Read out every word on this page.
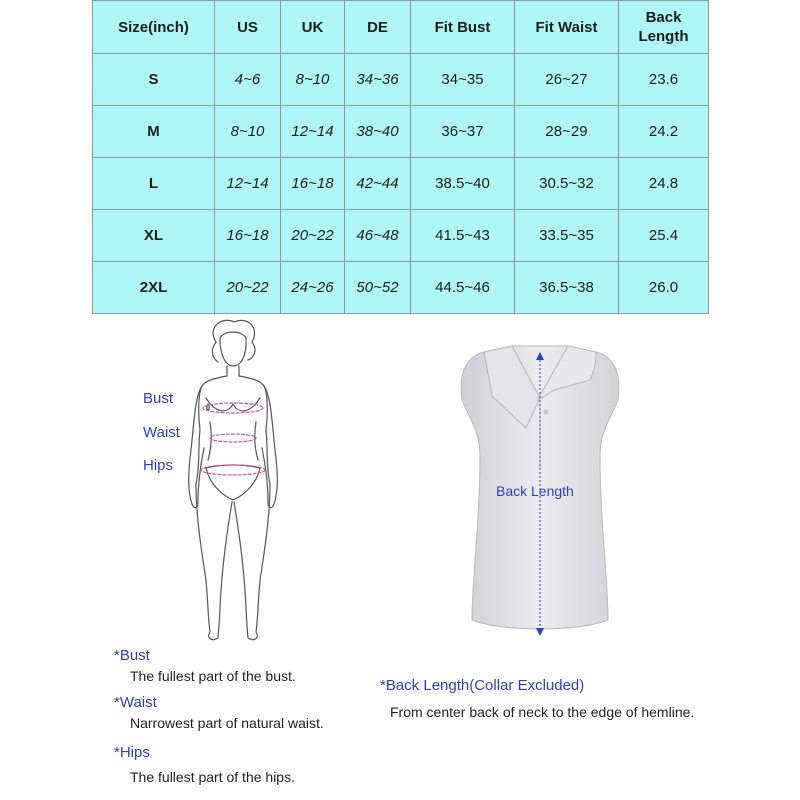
Size(inch)	US	UK	DE	Fit Bust	Fit Waist	Back Length
S	4~6	8~10	34~36	34~35	26~27	23.6
M	8~10	12~14	38~40	36~37	28~29	24.2
L	12~14	16~18	42~44	38.5~40	30.5~32	24.8
XL	16~18	20~22	46~48	41.5~43	33.5~35	25.4
2XL	20~22	24~26	50~52	44.5~46	36.5~38	26.0
Bust
Waist
Hips
Back Length
*Bust
The fullest part of the bust.
*Waist
Narrowest part of natural waist.
*Hips
The fullest part of the hips.
*Back Length(Collar Excluded)
From center back of neck to the edge of hemline.
